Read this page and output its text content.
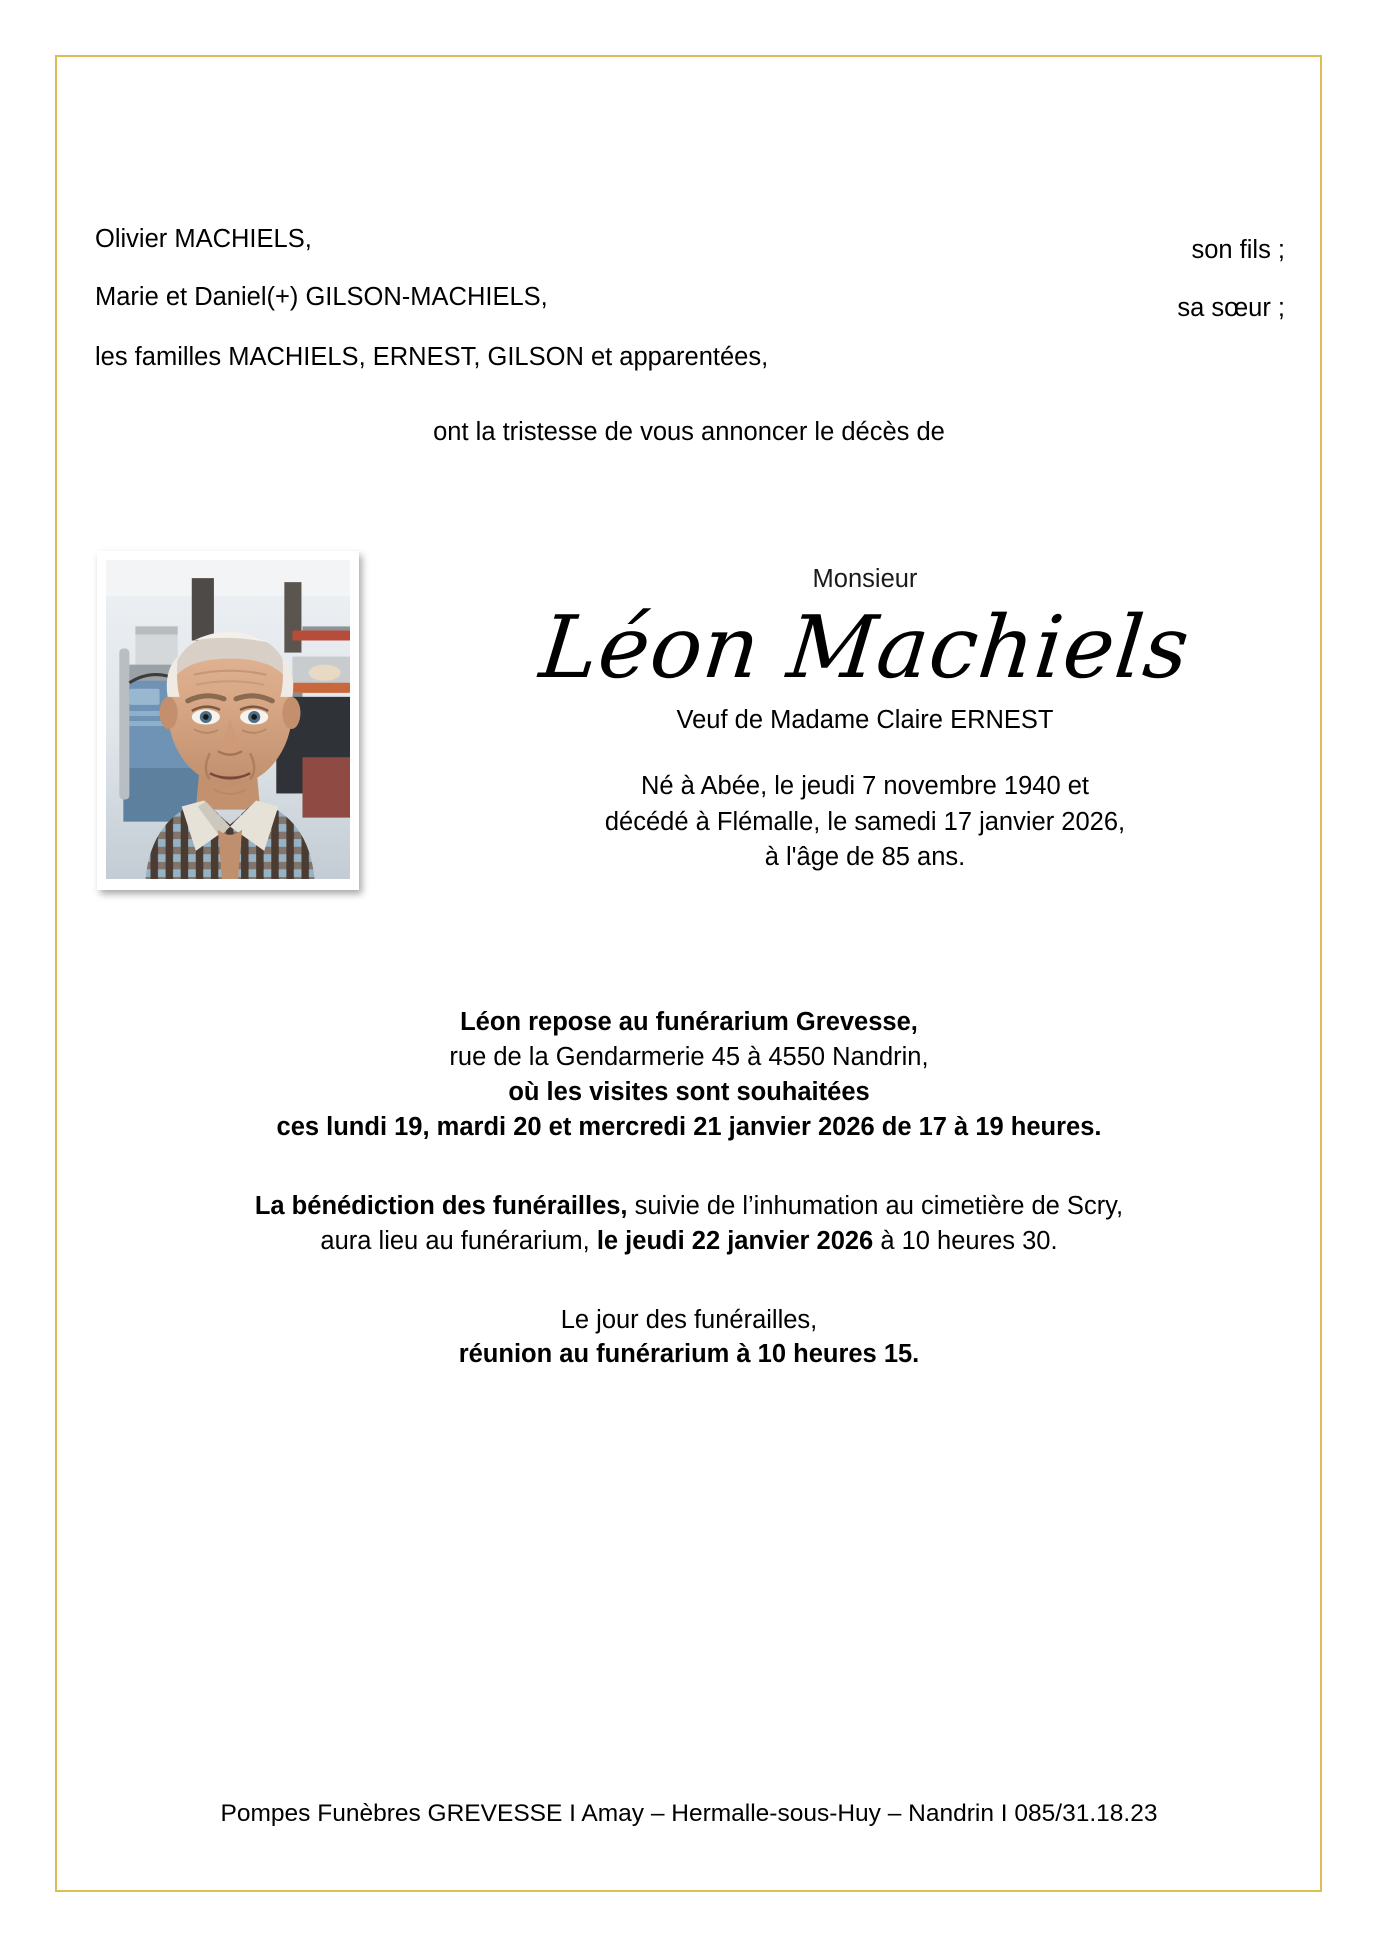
Olivier MACHIELS,	son fils ;
Marie et Daniel(+) GILSON-MACHIELS,	sa sœur ;
les familles MACHIELS, ERNEST, GILSON et apparentées,
ont la tristesse de vous annoncer le décès de
Monsieur
Léon Machiels
Veuf de Madame Claire ERNEST
Né à Abée, le jeudi 7 novembre 1940 et
décédé à Flémalle, le samedi 17 janvier 2026,
à l'âge de 85 ans.
Léon repose au funérarium Grevesse,
rue de la Gendarmerie 45 à 4550 Nandrin,
où les visites sont souhaitées
ces lundi 19, mardi 20 et mercredi 21 janvier 2026 de 17 à 19 heures.
La bénédiction des funérailles, suivie de l’inhumation au cimetière de Scry,
aura lieu au funérarium, le jeudi 22 janvier 2026 à 10 heures 30.
Le jour des funérailles,
réunion au funérarium à 10 heures 15.
Pompes Funèbres GREVESSE I Amay – Hermalle-sous-Huy – Nandrin I 085/31.18.23
